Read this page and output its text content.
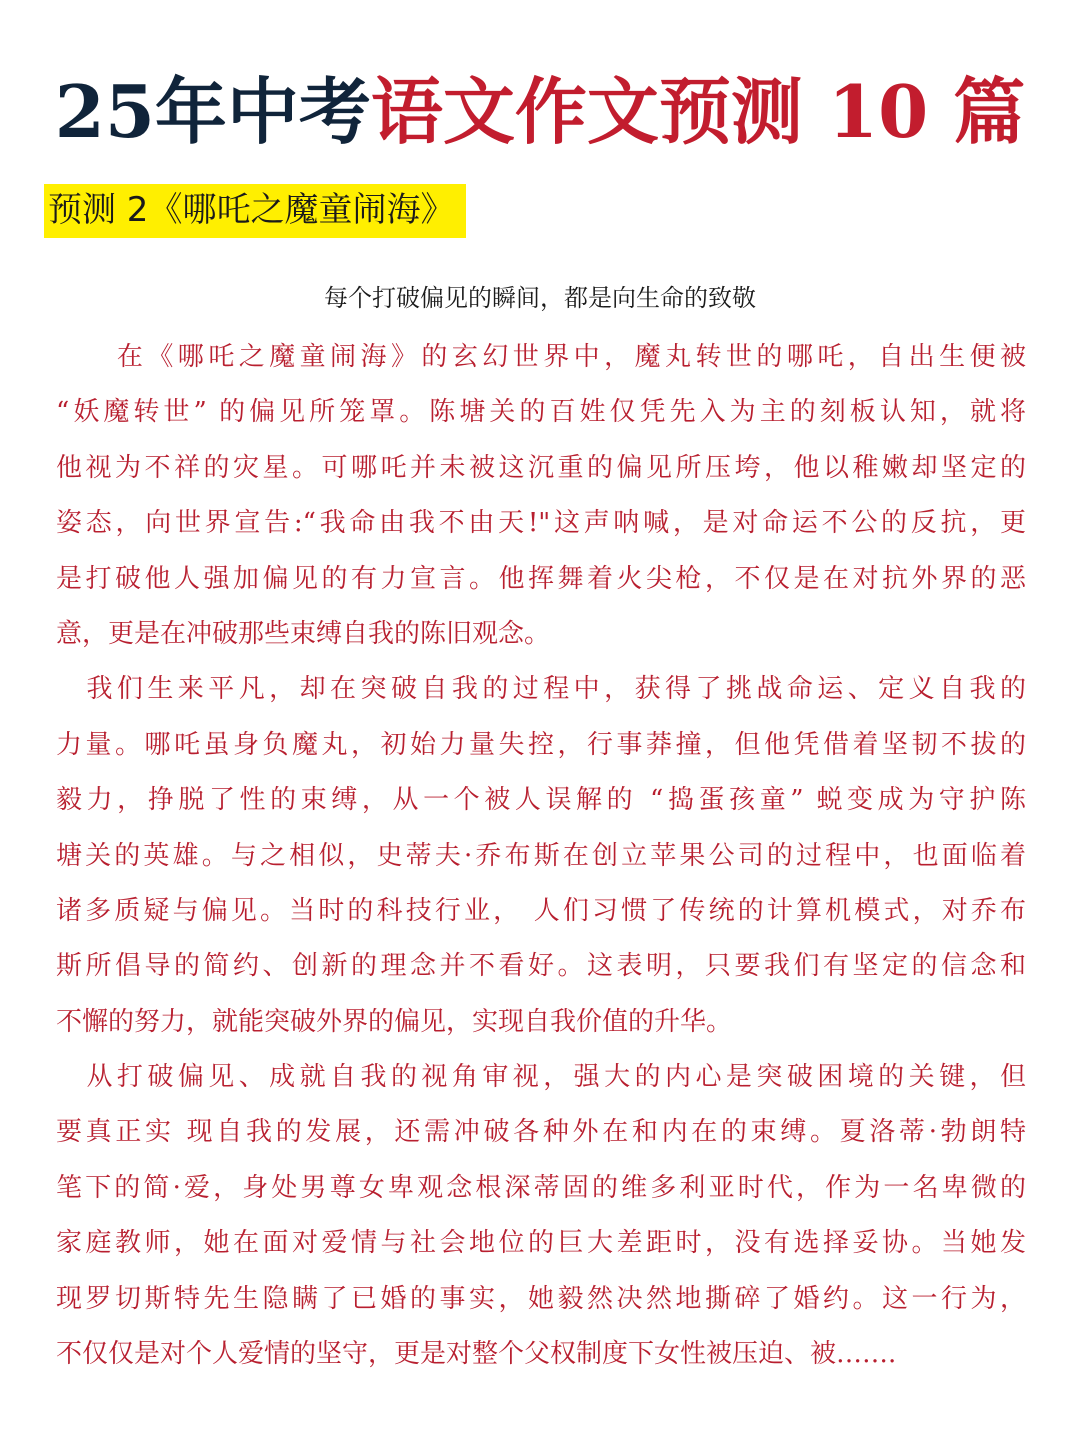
25年中考语文作文预测 10 篇
预测 2《哪吒之魔童闹海》
每个打破偏见的瞬间，都是向生命的致敬
　　在《哪吒之魔童闹海》的玄幻世界中，魔丸转世的哪吒，自出生便被
“妖魔转世” 的偏见所笼罩。陈塘关的百姓仅凭先入为主的刻板认知，就将
他视为不祥的灾星。可哪吒并未被这沉重的偏见所压垮，他以稚嫩却坚定的
姿态，向世界宣告:“我命由我不由天!"这声呐喊，是对命运不公的反抗，更
是打破他人强加偏见的有力宣言。他挥舞着火尖枪，不仅是在对抗外界的恶
意，更是在冲破那些束缚自我的陈旧观念。
　我们生来平凡，却在突破自我的过程中，获得了挑战命运、定义自我的
力量。哪吒虽身负魔丸，初始力量失控，行事莽撞，但他凭借着坚韧不拔的
毅力，挣脱了性的束缚，从一个被人误解的 “捣蛋孩童” 蜕变成为守护陈
塘关的英雄。与之相似，史蒂夫·乔布斯在创立苹果公司的过程中，也面临着
诸多质疑与偏见。当时的科技行业， 人们习惯了传统的计算机模式，对乔布
斯所倡导的简约、创新的理念并不看好。这表明，只要我们有坚定的信念和
不懈的努力，就能突破外界的偏见，实现自我价值的升华。
　从打破偏见、成就自我的视角审视，强大的内心是突破困境的关键，但
要真正实 现自我的发展，还需冲破各种外在和内在的束缚。夏洛蒂·勃朗特
笔下的简·爱，身处男尊女卑观念根深蒂固的维多利亚时代，作为一名卑微的
家庭教师，她在面对爱情与社会地位的巨大差距时，没有选择妥协。当她发
现罗切斯特先生隐瞒了已婚的事实，她毅然决然地撕碎了婚约。这一行为，
不仅仅是对个人爱情的坚守，更是对整个父权制度下女性被压迫、被…….
